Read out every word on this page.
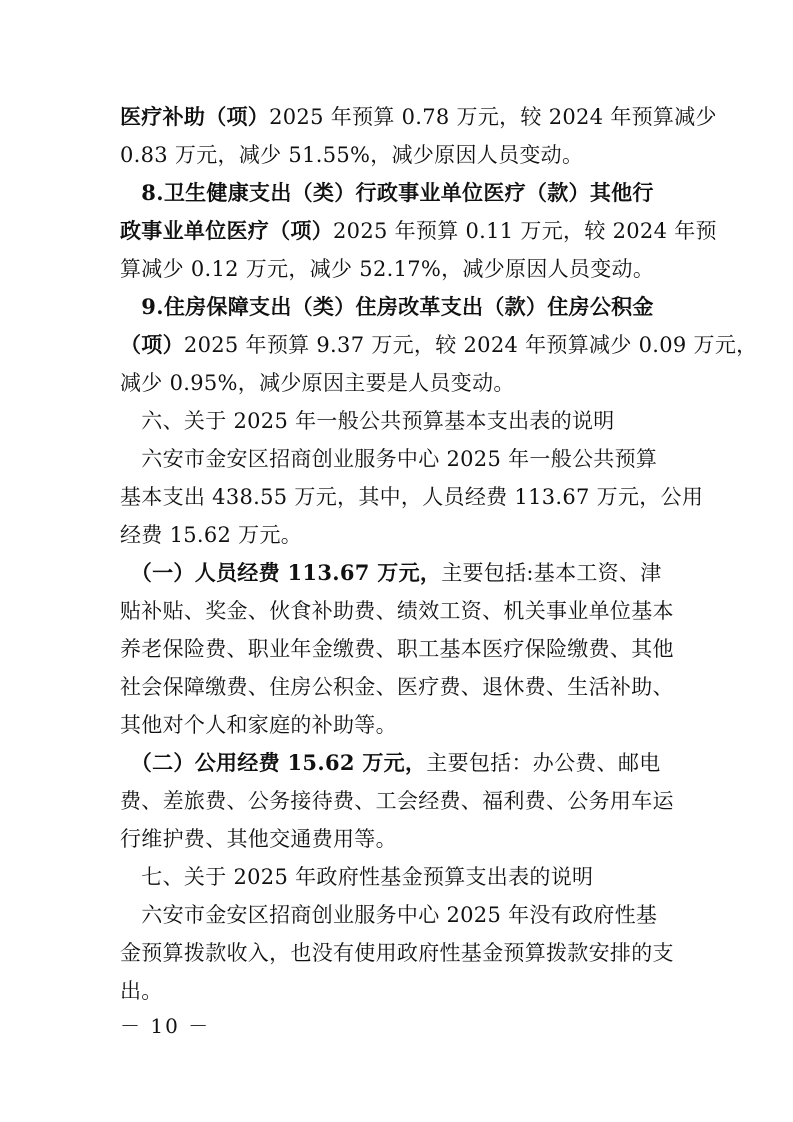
医疗补助（项）2025 年预算 0.78 万元，较 2024 年预算减少
0.83 万元，减少 51.55%，减少原因人员变动。
　8.卫生健康支出（类）行政事业单位医疗（款）其他行
政事业单位医疗（项）2025 年预算 0.11 万元，较 2024 年预
算减少 0.12 万元，减少 52.17%，减少原因人员变动。
　9.住房保障支出（类）住房改革支出（款）住房公积金
（项）2025 年预算 9.37 万元，较 2024 年预算减少 0.09 万元，
减少 0.95%，减少原因主要是人员变动。
　六、关于 2025 年一般公共预算基本支出表的说明
　六安市金安区招商创业服务中心 2025 年一般公共预算
基本支出 438.55 万元，其中，人员经费 113.67 万元，公用
经费 15.62 万元。
　（一）人员经费 113.67 万元，主要包括:基本工资、津
贴补贴、奖金、伙食补助费、绩效工资、机关事业单位基本
养老保险费、职业年金缴费、职工基本医疗保险缴费、其他
社会保障缴费、住房公积金、医疗费、退休费、生活补助、
其他对个人和家庭的补助等。
　（二）公用经费 15.62 万元，主要包括：办公费、邮电
费、差旅费、公务接待费、工会经费、福利费、公务用车运
行维护费、其他交通费用等。
　七、关于 2025 年政府性基金预算支出表的说明
　六安市金安区招商创业服务中心 2025 年没有政府性基
金预算拨款收入，也没有使用政府性基金预算拨款安排的支
出。
－ 10 －
